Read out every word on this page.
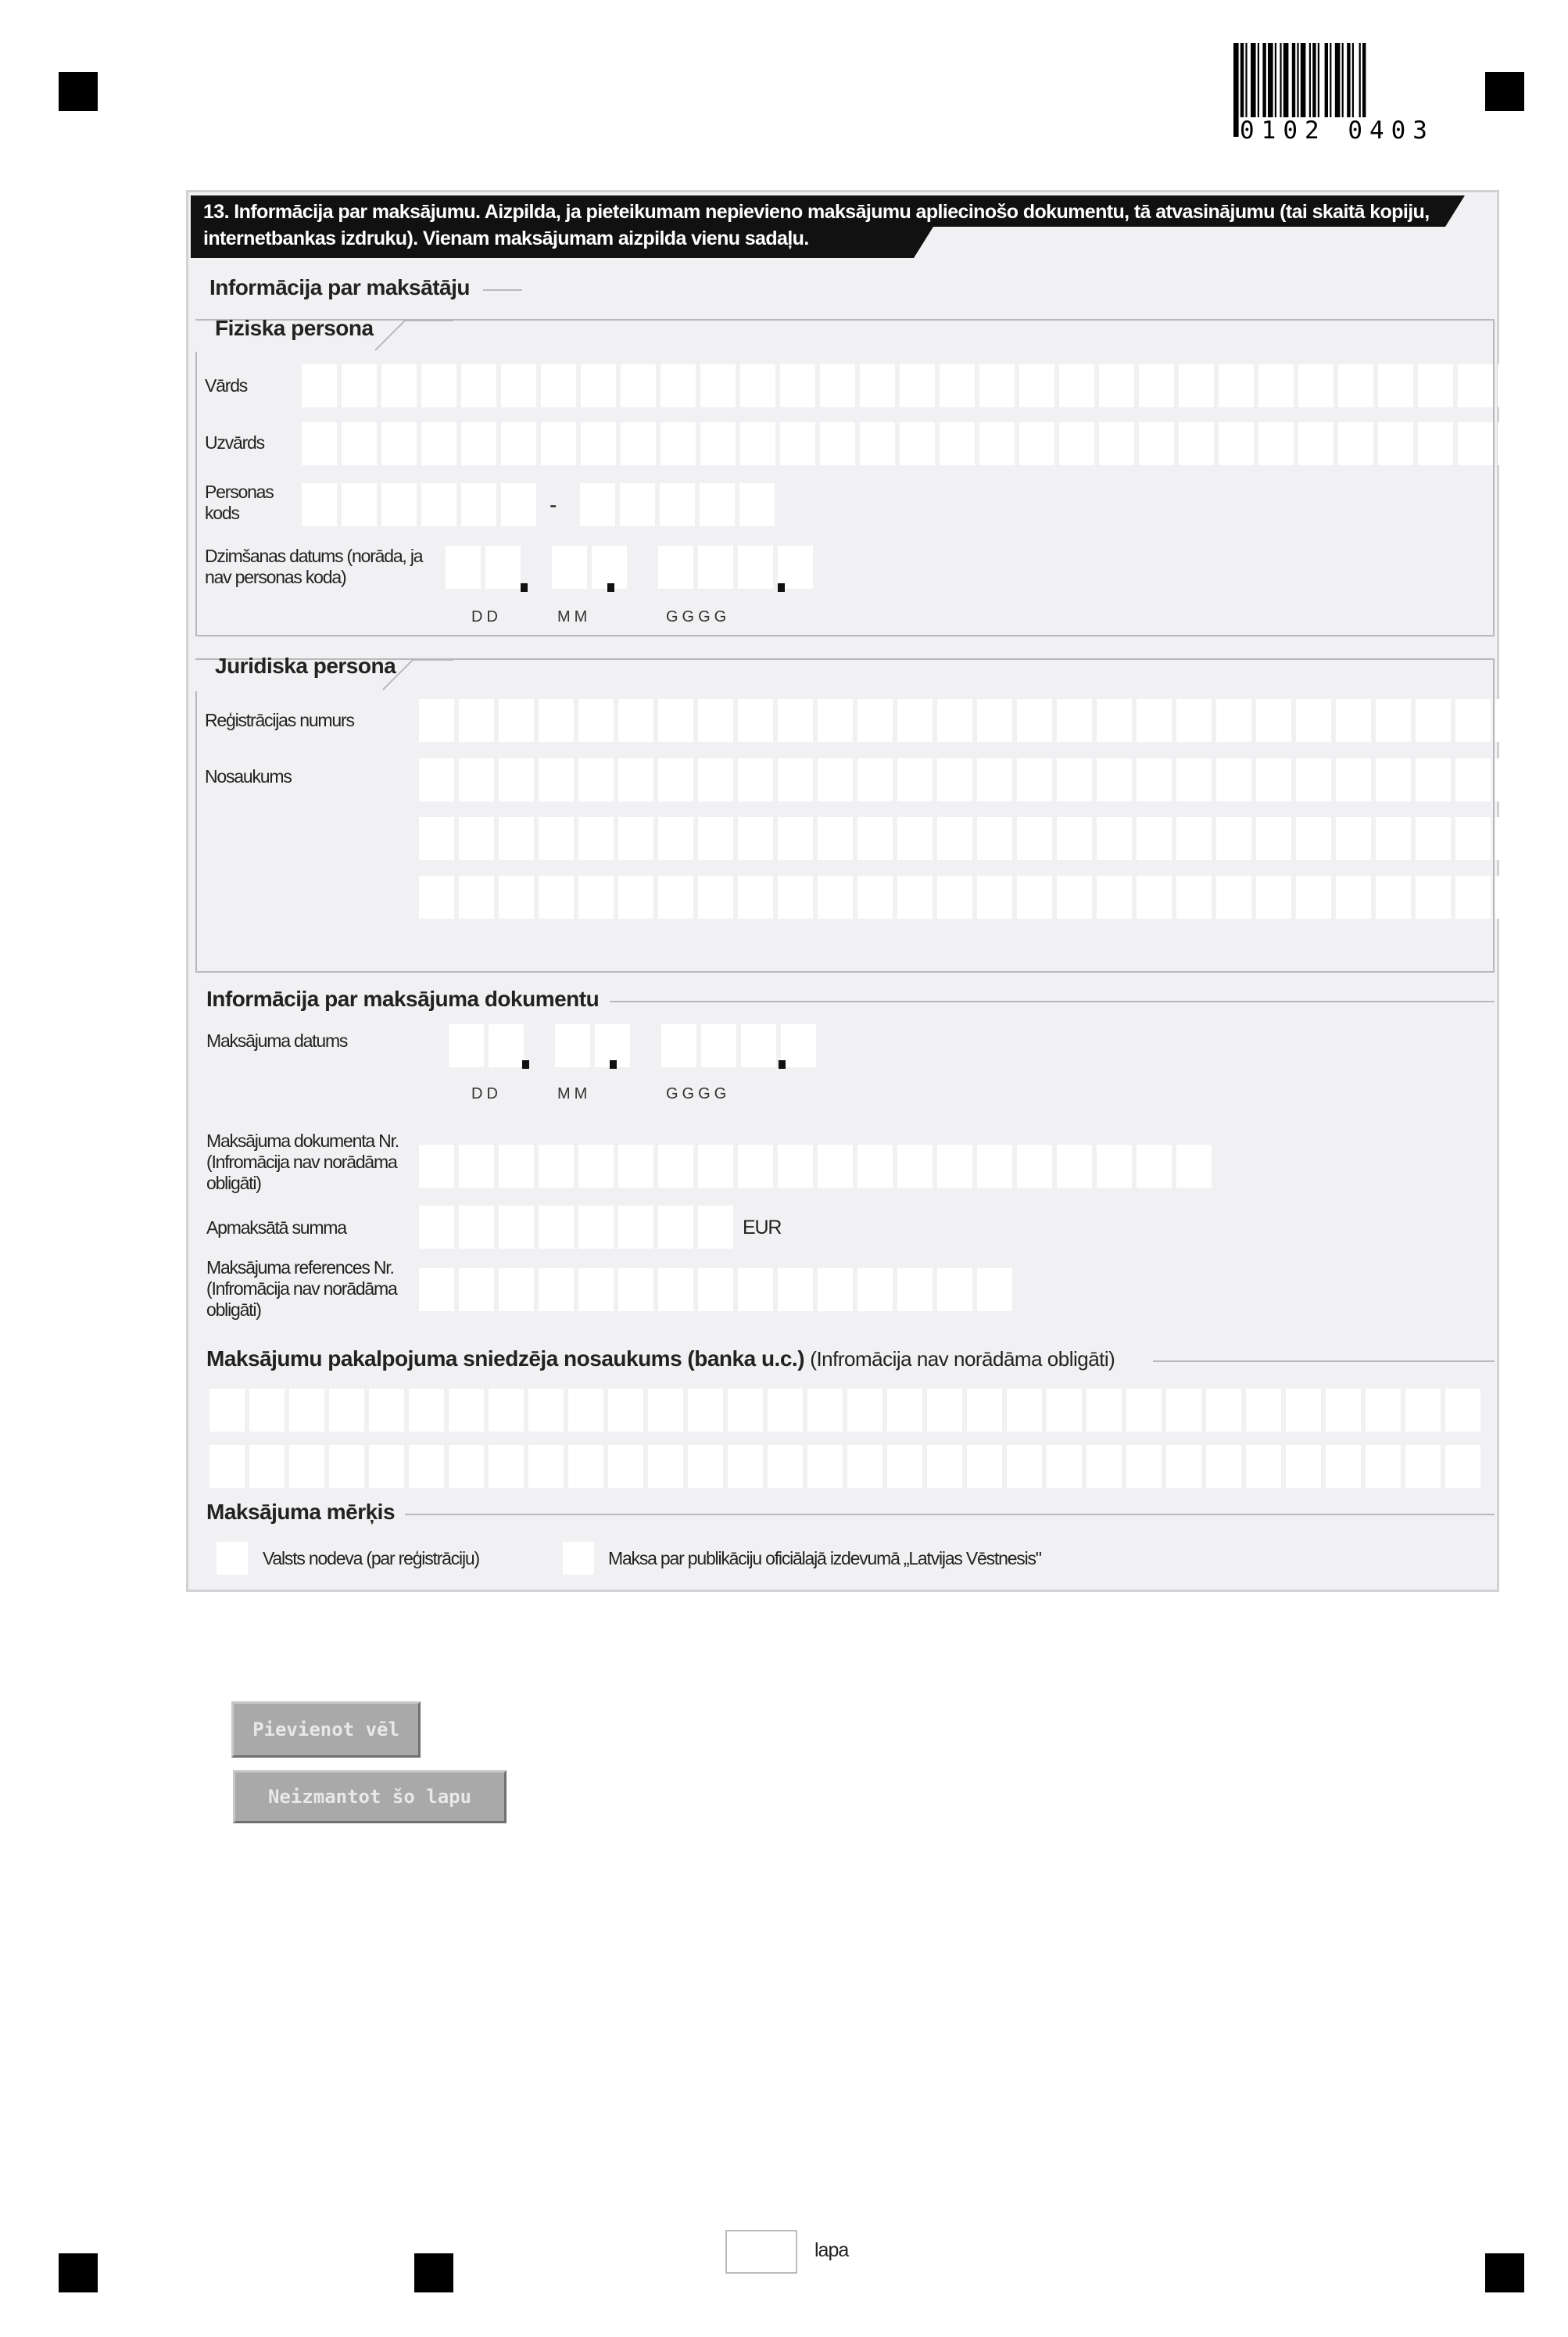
0102 0403
13. Informācija par maksājumu. Aizpilda, ja pieteikumam nepievieno maksājumu apliecinošo dokumentu, tā atvasinājumu (tai skaitā kopiju, internetbankas izdruku). Vienam maksājumam aizpilda vienu sadaļu.
Informācija par maksātāju
Fiziska persona
Vārds
Uzvārds
Personas kods	-
Dzimšanas datums (norāda, ja nav personas koda)
DD	MM	GGGG
Juridiska persona
Reģistrācijas numurs
Nosaukums
Informācija par maksājuma dokumentu
Maksājuma datums
DD	MM	GGGG
Maksājuma dokumenta Nr. (Infromācija nav norādāma obligāti)
Apmaksātā summa	EUR
Maksājuma references Nr. (Infromācija nav norādāma obligāti)
Maksājumu pakalpojuma sniedzēja nosaukums (banka u.c.) (Infromācija nav norādāma obligāti)
Maksājuma mērķis
Valsts nodeva (par reģistrāciju)	Maksa par publikāciju oficiālajā izdevumā „Latvijas Vēstnesis"
Pievienot vēl
Neizmantot šo lapu
lapa
